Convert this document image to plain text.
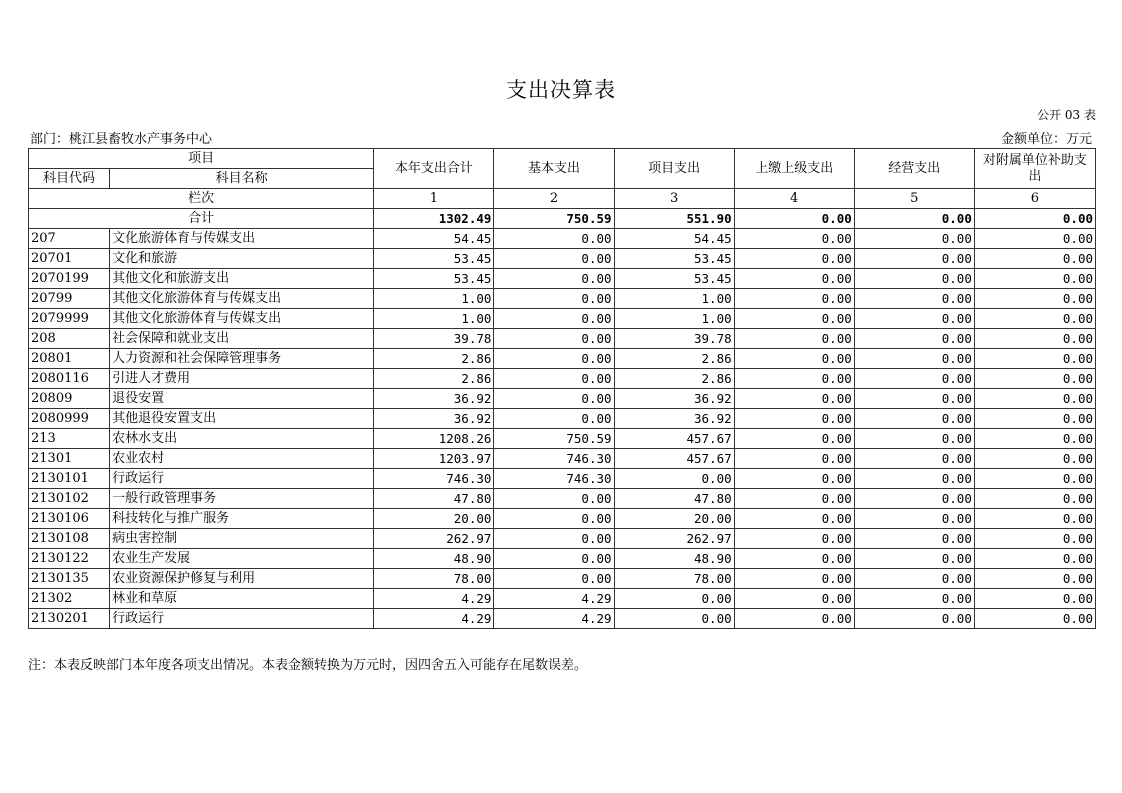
支出决算表
公开 03 表
部门：桃江县畜牧水产事务中心	金额单位：万元
项目		本年支出合计	基本支出	项目支出	上缴上级支出	经营支出	对附属单位补助支出
科目代码	科目名称						
栏次		1	2	3	4	5	6
合计		1302.49	750.59	551.90	0.00	0.00	0.00
207	文化旅游体育与传媒支出	54.45	0.00	54.45	0.00	0.00	0.00
20701	文化和旅游	53.45	0.00	53.45	0.00	0.00	0.00
2070199	其他文化和旅游支出	53.45	0.00	53.45	0.00	0.00	0.00
20799	其他文化旅游体育与传媒支出	1.00	0.00	1.00	0.00	0.00	0.00
2079999	其他文化旅游体育与传媒支出	1.00	0.00	1.00	0.00	0.00	0.00
208	社会保障和就业支出	39.78	0.00	39.78	0.00	0.00	0.00
20801	人力资源和社会保障管理事务	2.86	0.00	2.86	0.00	0.00	0.00
2080116	引进人才费用	2.86	0.00	2.86	0.00	0.00	0.00
20809	退役安置	36.92	0.00	36.92	0.00	0.00	0.00
2080999	其他退役安置支出	36.92	0.00	36.92	0.00	0.00	0.00
213	农林水支出	1208.26	750.59	457.67	0.00	0.00	0.00
21301	农业农村	1203.97	746.30	457.67	0.00	0.00	0.00
2130101	行政运行	746.30	746.30	0.00	0.00	0.00	0.00
2130102	一般行政管理事务	47.80	0.00	47.80	0.00	0.00	0.00
2130106	科技转化与推广服务	20.00	0.00	20.00	0.00	0.00	0.00
2130108	病虫害控制	262.97	0.00	262.97	0.00	0.00	0.00
2130122	农业生产发展	48.90	0.00	48.90	0.00	0.00	0.00
2130135	农业资源保护修复与利用	78.00	0.00	78.00	0.00	0.00	0.00
21302	林业和草原	4.29	4.29	0.00	0.00	0.00	0.00
2130201	行政运行	4.29	4.29	0.00	0.00	0.00	0.00
注：本表反映部门本年度各项支出情况。本表金额转换为万元时，因四舍五入可能存在尾数误差。
